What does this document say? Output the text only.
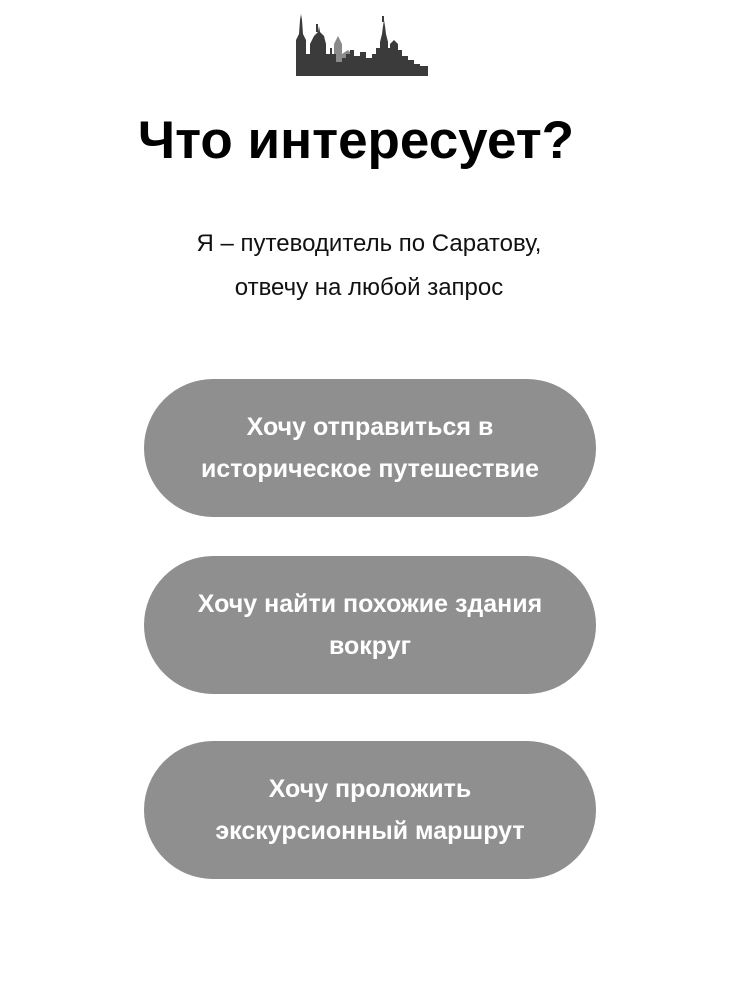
Что интересует?

Я – путеводитель по Саратову,
отвечу на любой запрос

Хочу отправиться в
историческое путешествие
Хочу найти похожие здания
вокруг
Хочу проложить
экскурсионный маршрут
